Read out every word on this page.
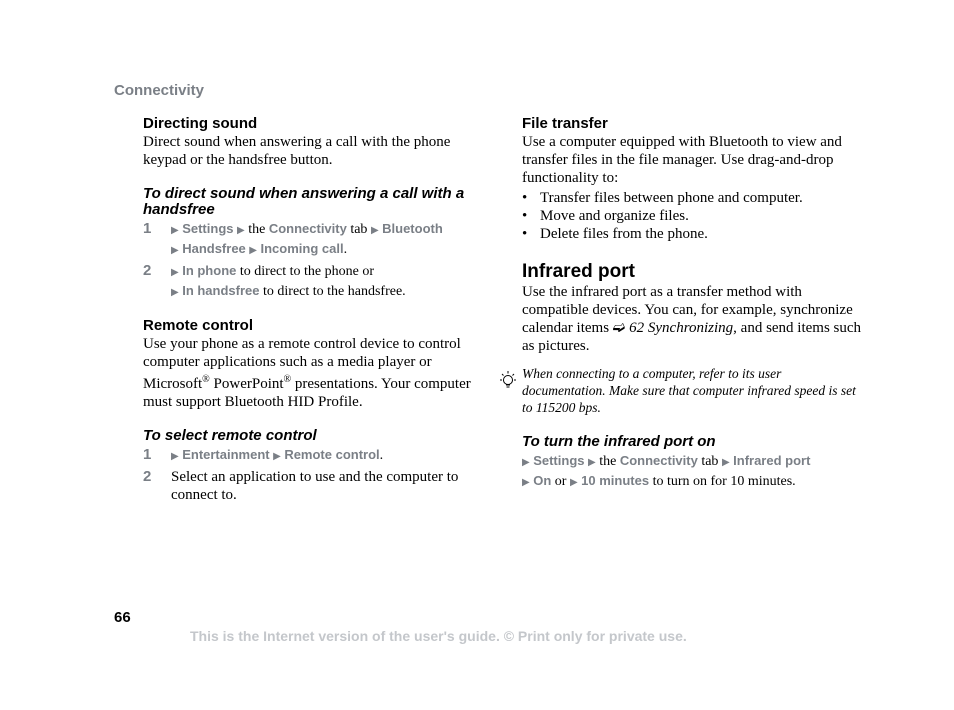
Connectivity

Directing sound

Direct sound when answering a call with the phone keypad or the handsfree button.

To direct sound when answering a call with a handsfree

1 ▶ Settings ▶ the Connectivity tab ▶ Bluetooth
▶ Handsfree ▶ Incoming call.
2 ▶ In phone to direct to the phone or
▶ In handsfree to direct to the handsfree.

Remote control

Use your phone as a remote control device to control computer applications such as a media player or Microsoft® PowerPoint® presentations. Your computer must support Bluetooth HID Profile.

To select remote control

1 ▶ Entertainment ▶ Remote control.
2 Select an application to use and the computer to connect to.

File transfer

Use a computer equipped with Bluetooth to view and transfer files in the file manager. Use drag-and-drop functionality to:

• Transfer files between phone and computer.
• Move and organize files.
• Delete files from the phone.

Infrared port

Use the infrared port as a transfer method with compatible devices. You can, for example, synchronize calendar items ➫ 62 Synchronizing, and send items such as pictures.

When connecting to a computer, refer to its user documentation. Make sure that computer infrared speed is set to 115200 bps.

To turn the infrared port on

▶ Settings ▶ the Connectivity tab ▶ Infrared port
▶ On or ▶ 10 minutes to turn on for 10 minutes.
66
This is the Internet version of the user's guide. © Print only for private use.
